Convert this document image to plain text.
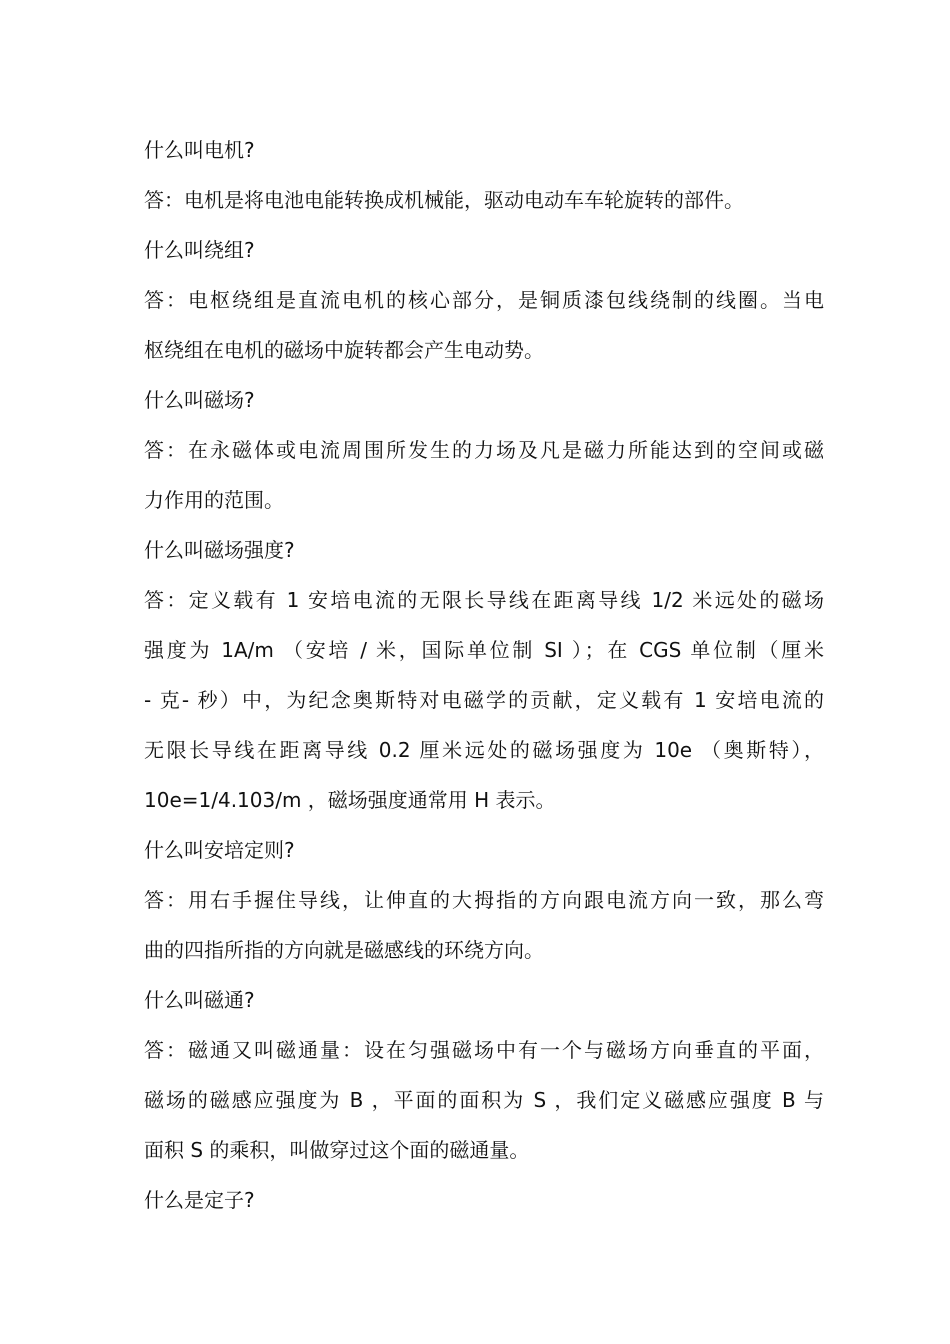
什么叫电机?
答：电机是将电池电能转换成机械能，驱动电动车车轮旋转的部件。
什么叫绕组?
答：电枢绕组是直流电机的核心部分，是铜质漆包线绕制的线圈。当电
枢绕组在电机的磁场中旋转都会产生电动势。
什么叫磁场?
答：在永磁体或电流周围所发生的力场及凡是磁力所能达到的空间或磁
力作用的范围。
什么叫磁场强度?
答：定义载有 1 安培电流的无限长导线在距离导线 1/2 米远处的磁场
强度为 1A/m （安培 / 米，国际单位制 SI ）；在 CGS 单位制（厘米
- 克- 秒）中，为纪念奥斯特对电磁学的贡献，定义载有 1 安培电流的
无限长导线在距离导线 0.2 厘米远处的磁场强度为 10e （奥斯特），
10e=1/4.103/m ，磁场强度通常用 H 表示。
什么叫安培定则?
答：用右手握住导线，让伸直的大拇指的方向跟电流方向一致，那么弯
曲的四指所指的方向就是磁感线的环绕方向。
什么叫磁通?
答：磁通又叫磁通量：设在匀强磁场中有一个与磁场方向垂直的平面，
磁场的磁感应强度为 B ，平面的面积为 S ，我们定义磁感应强度 B 与
面积 S 的乘积，叫做穿过这个面的磁通量。
什么是定子?
